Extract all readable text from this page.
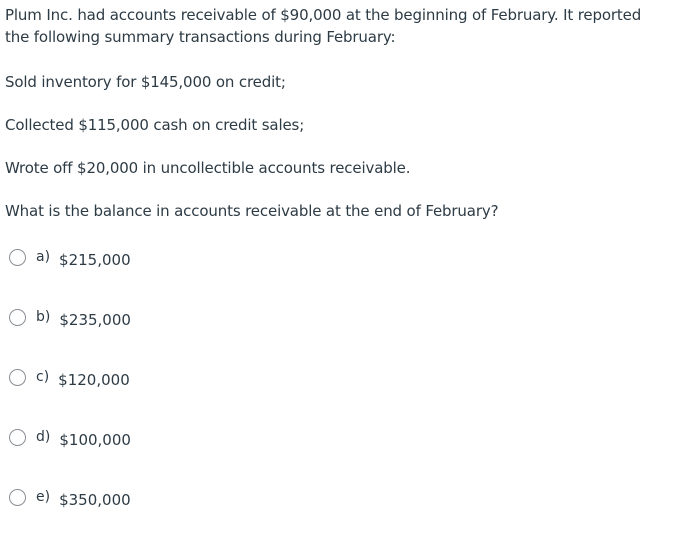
Plum Inc. had accounts receivable of $90,000 at the beginning of February. It reported the following summary transactions during February:

Sold inventory for $145,000 on credit;

Collected $115,000 cash on credit sales;

Wrote off $20,000 in uncollectible accounts receivable.

What is the balance in accounts receivable at the end of February?

a) $215,000
b) $235,000
c) $120,000
d) $100,000
e) $350,000
